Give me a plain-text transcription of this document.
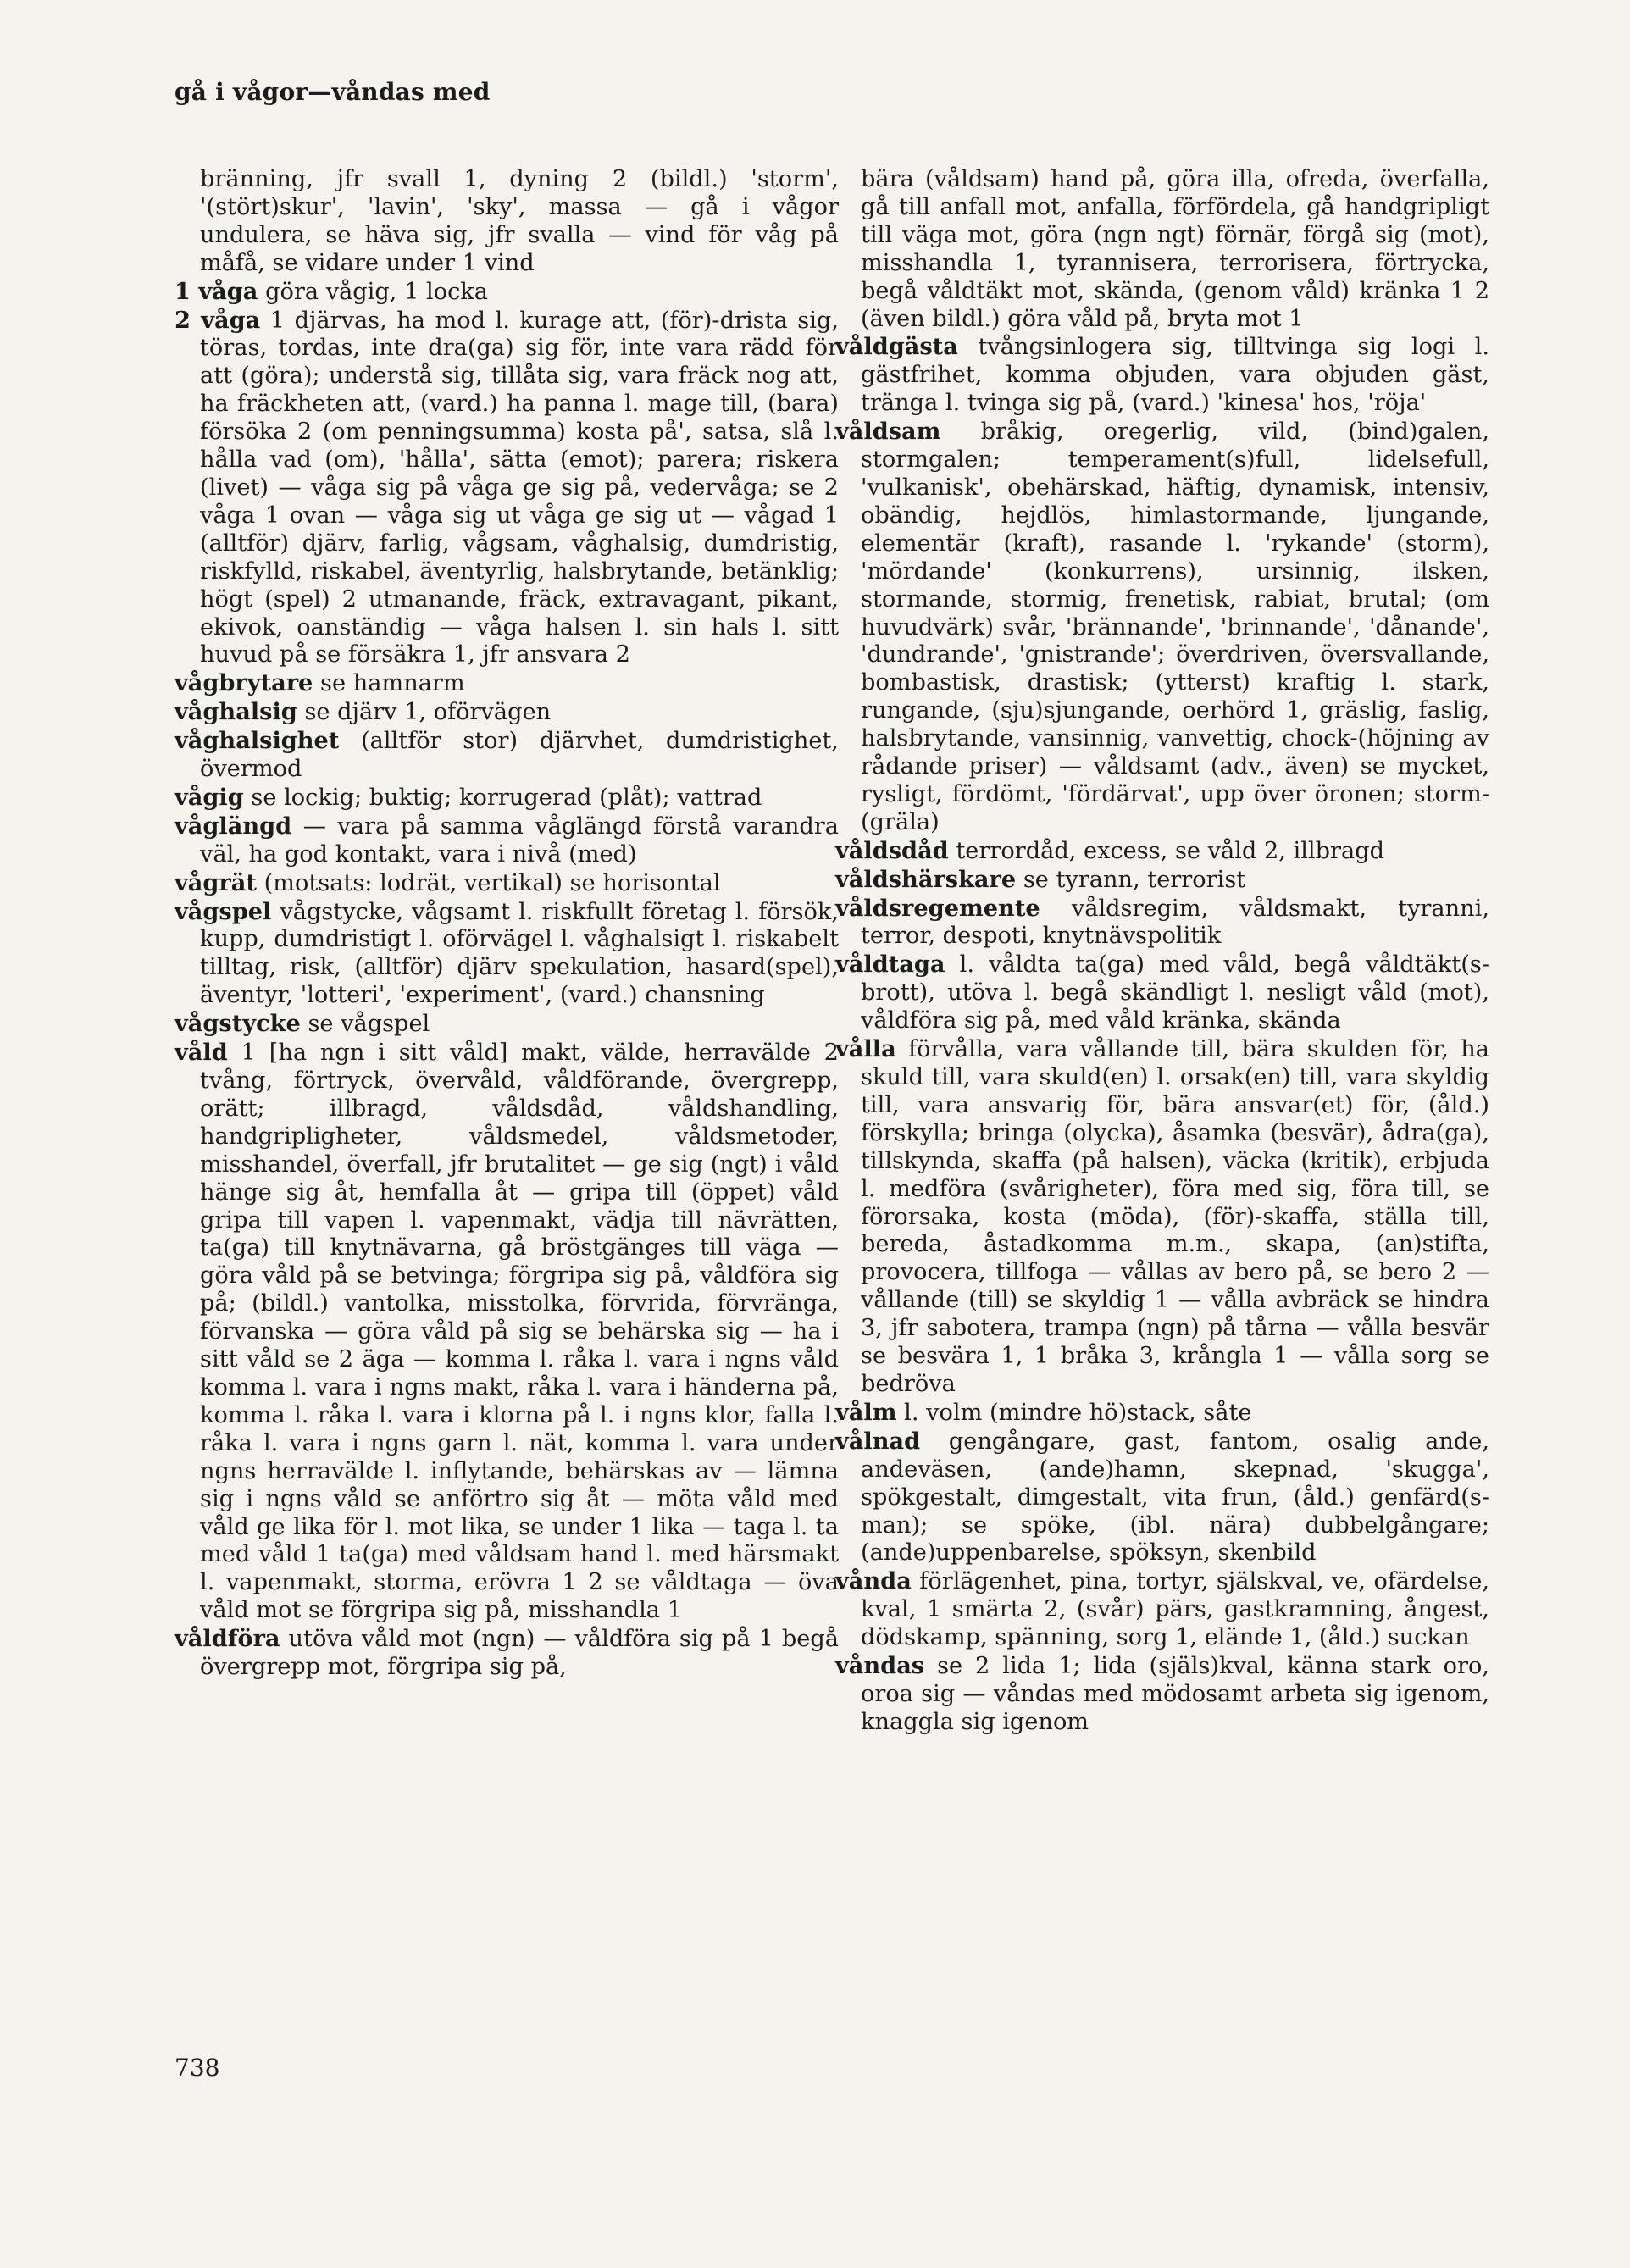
gå i vågor—våndas med

bränning, jfr svall 1, dyning 2 (bildl.) 'storm', '(stört)skur', 'lavin', 'sky', massa — gå i vågor undulera, se häva sig, jfr svalla — vind för våg på måfå, se vidare under 1 vind

1 våga göra vågig, 1 locka

2 våga 1 djärvas, ha mod l. kurage att, (för)-drista sig, töras, tordas, inte dra(ga) sig för, inte vara rädd för att (göra); understå sig, tillåta sig, vara fräck nog att, ha fräckheten att, (vard.) ha panna l. mage till, (bara) försöka 2 (om penningsumma) kosta på', satsa, slå l. hålla vad (om), 'hålla', sätta (emot); parera; riskera (livet) — våga sig på våga ge sig på, vedervåga; se 2 våga 1 ovan — våga sig ut våga ge sig ut — vågad 1 (alltför) djärv, farlig, vågsam, våghalsig, dumdristig, riskfylld, riskabel, äventyrlig, halsbrytande, betänklig; högt (spel) 2 utmanande, fräck, extravagant, pikant, ekivok, oanständig — våga halsen l. sin hals l. sitt huvud på se försäkra 1, jfr ansvara 2

vågbrytare se hamnarm

våghalsig se djärv 1, oförvägen

våghalsighet (alltför stor) djärvhet, dumdristighet, övermod

vågig se lockig; buktig; korrugerad (plåt); vattrad

våglängd — vara på samma våglängd förstå varandra väl, ha god kontakt, vara i nivå (med)

vågrät (motsats: lodrät, vertikal) se horisontal

vågspel vågstycke, vågsamt l. riskfullt företag l. försök, kupp, dumdristigt l. oförvägel l. våghalsigt l. riskabelt tilltag, risk, (alltför) djärv spekulation, hasard(spel), äventyr, 'lotteri', 'experiment', (vard.) chansning

vågstycke se vågspel

våld 1 [ha ngn i sitt våld] makt, välde, herravälde 2 tvång, förtryck, övervåld, våldförande, övergrepp, orätt; illbragd, våldsdåd, våldshandling, handgripligheter, våldsmedel, våldsmetoder, misshandel, överfall, jfr brutalitet — ge sig (ngt) i våld hänge sig åt, hemfalla åt — gripa till (öppet) våld gripa till vapen l. vapenmakt, vädja till nävrätten, ta(ga) till knytnävarna, gå bröstgänges till väga — göra våld på se betvinga; förgripa sig på, våldföra sig på; (bildl.) vantolka, misstolka, förvrida, förvränga, förvanska — göra våld på sig se behärska sig — ha i sitt våld se 2 äga — komma l. råka l. vara i ngns våld komma l. vara i ngns makt, råka l. vara i händerna på, komma l. råka l. vara i klorna på l. i ngns klor, falla l. råka l. vara i ngns garn l. nät, komma l. vara under ngns herravälde l. inflytande, behärskas av — lämna sig i ngns våld se anförtro sig åt — möta våld med våld ge lika för l. mot lika, se under 1 lika — taga l. ta med våld 1 ta(ga) med våldsam hand l. med härsmakt l. vapenmakt, storma, erövra 1 2 se våldtaga — öva våld mot se förgripa sig på, misshandla 1

våldföra utöva våld mot (ngn) — våldföra sig på 1 begå övergrepp mot, förgripa sig på,

bära (våldsam) hand på, göra illa, ofreda, överfalla, gå till anfall mot, anfalla, förfördela, gå handgripligt till väga mot, göra (ngn ngt) förnär, förgå sig (mot), misshandla 1, tyrannisera, terrorisera, förtrycka, begå våldtäkt mot, skända, (genom våld) kränka 1 2 (även bildl.) göra våld på, bryta mot 1

våldgästa tvångsinlogera sig, tilltvinga sig logi l. gästfrihet, komma objuden, vara objuden gäst, tränga l. tvinga sig på, (vard.) 'kinesa' hos, 'röja'

våldsam bråkig, oregerlig, vild, (bind)galen, stormgalen; temperament(s)full, lidelsefull, 'vulkanisk', obehärskad, häftig, dynamisk, intensiv, obändig, hejdlös, himlastormande, ljungande, elementär (kraft), rasande l. 'rykande' (storm), 'mördande' (konkurrens), ursinnig, ilsken, stormande, stormig, frenetisk, rabiat, brutal; (om huvudvärk) svår, 'brännande', 'brinnande', 'dånande', 'dundrande', 'gnistrande'; överdriven, översvallande, bombastisk, drastisk; (ytterst) kraftig l. stark, rungande, (sju)sjungande, oerhörd 1, gräslig, faslig, halsbrytande, vansinnig, vanvettig, chock-(höjning av rådande priser) — våldsamt (adv., även) se mycket, rysligt, fördömt, 'fördärvat', upp över öronen; storm-(gräla)

våldsdåd terrordåd, excess, se våld 2, illbragd

våldshärskare se tyrann, terrorist

våldsregemente våldsregim, våldsmakt, tyranni, terror, despoti, knytnävspolitik

våldtaga l. våldta ta(ga) med våld, begå våldtäkt(s-brott), utöva l. begå skändligt l. nesligt våld (mot), våldföra sig på, med våld kränka, skända

vålla förvålla, vara vållande till, bära skulden för, ha skuld till, vara skuld(en) l. orsak(en) till, vara skyldig till, vara ansvarig för, bära ansvar(et) för, (åld.) förskylla; bringa (olycka), åsamka (besvär), ådra(ga), tillskynda, skaffa (på halsen), väcka (kritik), erbjuda l. medföra (svårigheter), föra med sig, föra till, se förorsaka, kosta (möda), (för)-skaffa, ställa till, bereda, åstadkomma m.m., skapa, (an)stifta, provocera, tillfoga — vållas av bero på, se bero 2 — vållande (till) se skyldig 1 — vålla avbräck se hindra 3, jfr sabotera, trampa (ngn) på tårna — vålla besvär se besvära 1, 1 bråka 3, krångla 1 — vålla sorg se bedröva

vålm l. volm (mindre hö)stack, såte

vålnad gengångare, gast, fantom, osalig ande, andeväsen, (ande)hamn, skepnad, 'skugga', spökgestalt, dimgestalt, vita frun, (åld.) genfärd(s-man); se spöke, (ibl. nära) dubbelgångare; (ande)uppenbarelse, spöksyn, skenbild

vånda förlägenhet, pina, tortyr, själskval, ve, ofärdelse, kval, 1 smärta 2, (svår) pärs, gastkramning, ångest, dödskamp, spänning, sorg 1, elände 1, (åld.) suckan

våndas se 2 lida 1; lida (själs)kval, känna stark oro, oroa sig — våndas med mödosamt arbeta sig igenom, knaggla sig igenom

738
